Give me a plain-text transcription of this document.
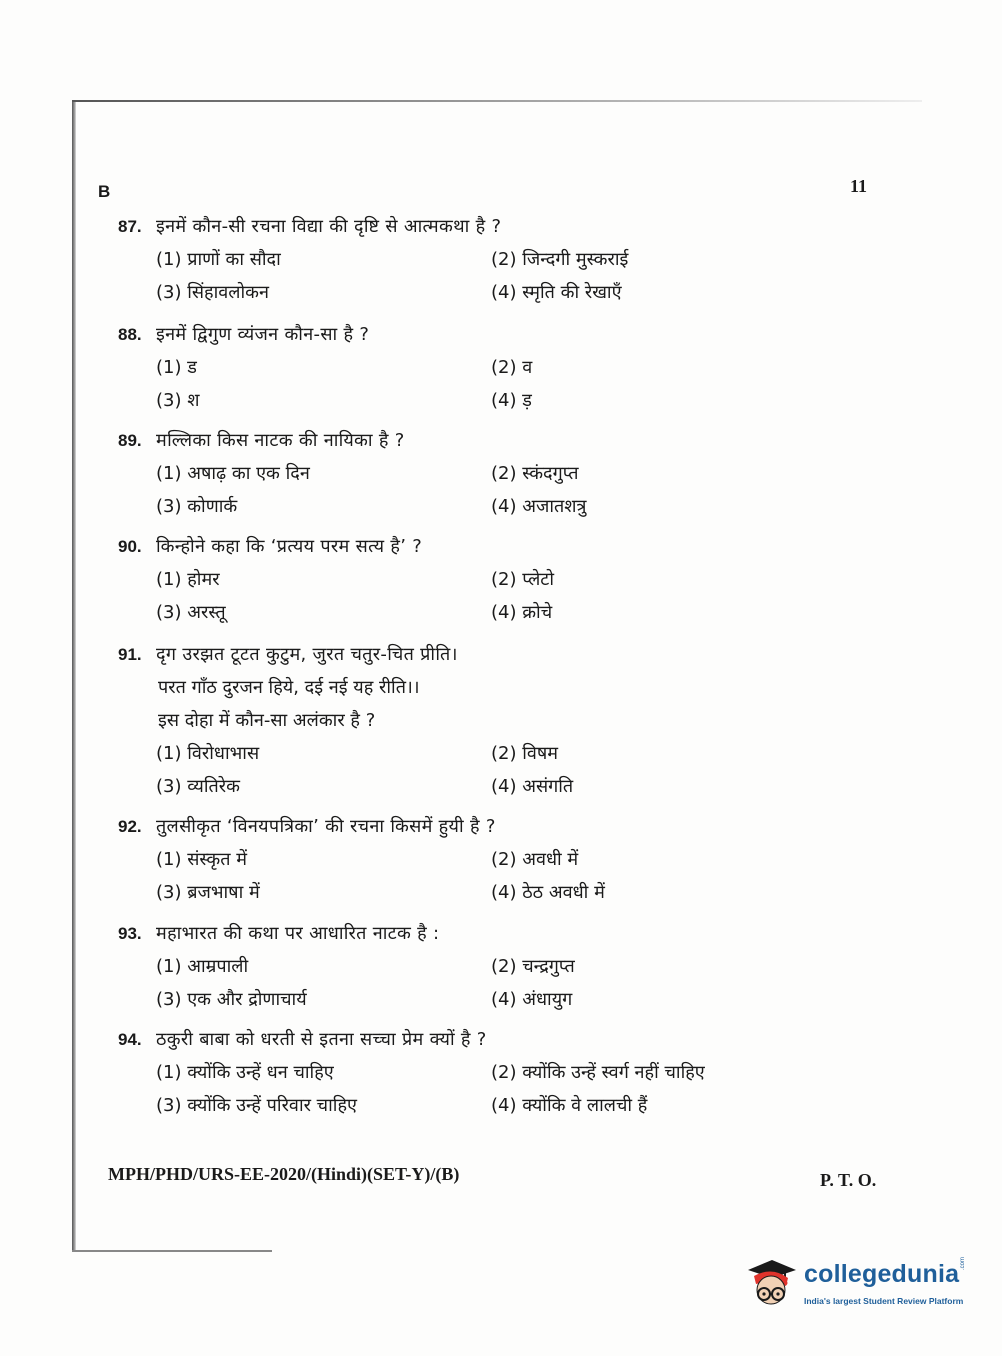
B	11
87. इनमें कौन-सी रचना विद्या की दृष्टि से आत्मकथा है ?
(1) प्राणों का सौदा	(2) जिन्दगी मुस्कराई
(3) सिंहावलोकन	(4) स्मृति की रेखाएँ
88. इनमें द्विगुण व्यंजन कौन-सा है ?
(1) ड	(2) व
(3) श	(4) ड़
89. मल्लिका किस नाटक की नायिका है ?
(1) अषाढ़ का एक दिन	(2) स्कंदगुप्त
(3) कोणार्क	(4) अजातशत्रु
90. किन्होने कहा कि ‘प्रत्यय परम सत्य है’ ?
(1) होमर	(2) प्लेटो
(3) अरस्तू	(4) क्रोचे
91. दृग उरझत टूटत कुटुम, जुरत चतुर-चित प्रीति।
परत गाँठ दुरजन हिये, दई नई यह रीति।।
इस दोहा में कौन-सा अलंकार है ?
(1) विरोधाभास	(2) विषम
(3) व्यतिरेक	(4) असंगति
92. तुलसीकृत ‘विनयपत्रिका’ की रचना किसमें हुयी है ?
(1) संस्कृत में	(2) अवधी में
(3) ब्रजभाषा में	(4) ठेठ अवधी में
93. महाभारत की कथा पर आधारित नाटक है :
(1) आम्रपाली	(2) चन्द्रगुप्त
(3) एक और द्रोणाचार्य	(4) अंधायुग
94. ठकुरी बाबा को धरती से इतना सच्चा प्रेम क्यों है ?
(1) क्योंकि उन्हें धन चाहिए	(2) क्योंकि उन्हें स्वर्ग नहीं चाहिए
(3) क्योंकि उन्हें परिवार चाहिए	(4) क्योंकि वे लालची हैं
MPH/PHD/URS-EE-2020/(Hindi)(SET-Y)/(B)	P. T. O.
collegedunia .com
India's largest Student Review Platform
